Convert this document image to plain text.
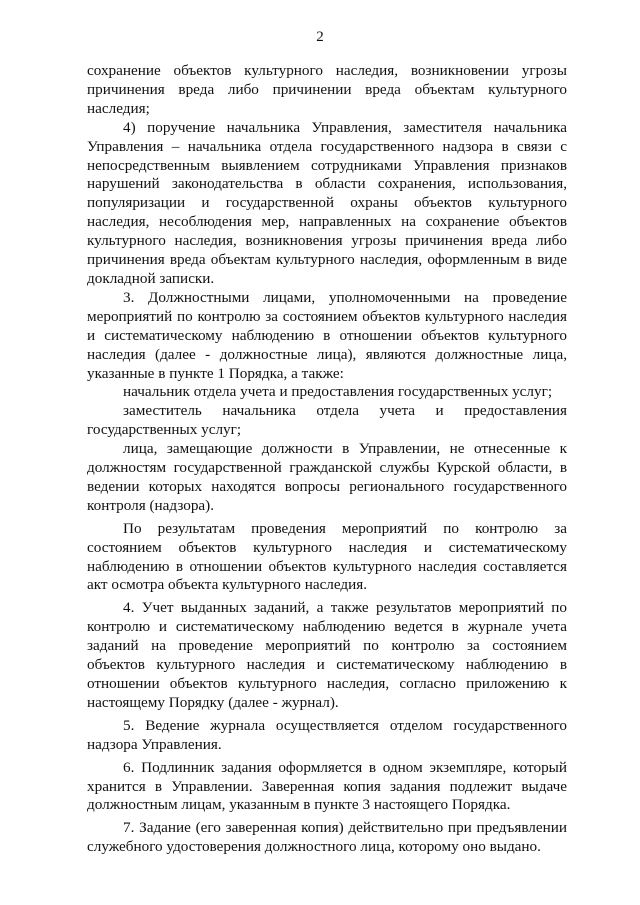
2

сохранение объектов культурного наследия, возникновении угрозы причинения вреда либо причинении вреда объектам культурного наследия;

4) поручение начальника Управления, заместителя начальника Управления – начальника отдела государственного надзора в связи с непосредственным выявлением сотрудниками Управления признаков нарушений законодательства в области сохранения, использования, популяризации и государственной охраны объектов культурного наследия, несоблюдения мер, направленных на сохранение объектов культурного наследия, возникновения угрозы причинения вреда либо причинения вреда объектам культурного наследия, оформленным в виде докладной записки.

3. Должностными лицами, уполномоченными на проведение мероприятий по контролю за состоянием объектов культурного наследия и систематическому наблюдению в отношении объектов культурного наследия (далее - должностные лица), являются должностные лица, указанные в пункте 1 Порядка, а также:

начальник отдела учета и предоставления государственных услуг;

заместитель начальника отдела учета и предоставления государственных услуг;

лица, замещающие должности в Управлении, не отнесенные к должностям государственной гражданской службы Курской области, в ведении которых находятся вопросы регионального государственного контроля (надзора).

По результатам проведения мероприятий по контролю за состоянием объектов культурного наследия и систематическому наблюдению в отношении объектов культурного наследия составляется акт осмотра объекта культурного наследия.

4. Учет выданных заданий, а также результатов мероприятий по контролю и систематическому наблюдению ведется в журнале учета заданий на проведение мероприятий по контролю за состоянием объектов культурного наследия и систематическому наблюдению в отношении объектов культурного наследия, согласно приложению к настоящему Порядку (далее - журнал).

5. Ведение журнала осуществляется отделом государственного надзора Управления.

6. Подлинник задания оформляется в одном экземпляре, который хранится в Управлении. Заверенная копия задания подлежит выдаче должностным лицам, указанным в пункте 3 настоящего Порядка.

7. Задание (его заверенная копия) действительно при предъявлении служебного удостоверения должностного лица, которому оно выдано.
